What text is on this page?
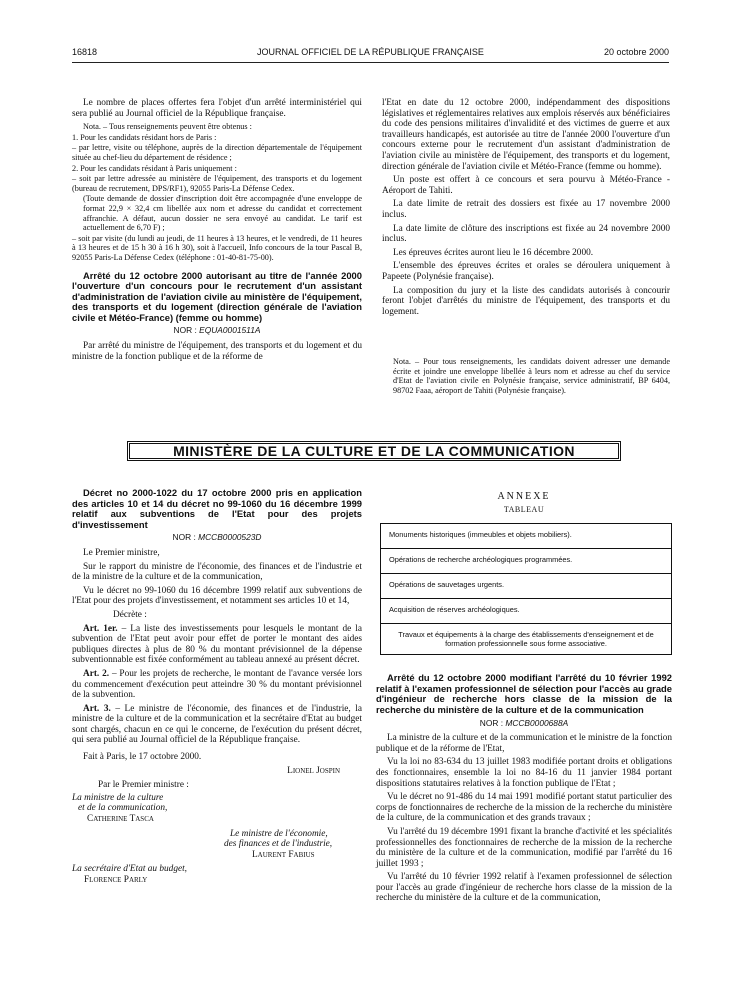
16818	JOURNAL OFFICIEL DE LA RÉPUBLIQUE FRANÇAISE	20 octobre 2000

Le nombre de places offertes fera l'objet d'un arrêté interministériel qui sera publié au Journal officiel de la République française.

Nota. – Tous renseignements peuvent être obtenus :

1. Pour les candidats résidant hors de Paris :

– par lettre, visite ou téléphone, auprès de la direction départementale de l'équipement située au chef-lieu du département de résidence ;

2. Pour les candidats résidant à Paris uniquement :

– soit par lettre adressée au ministère de l'équipement, des transports et du logement (bureau de recrutement, DPS/RF1), 92055 Paris-La Défense Cedex.

(Toute demande de dossier d'inscription doit être accompagnée d'une enveloppe de format 22,9 × 32,4 cm libellée aux nom et adresse du candidat et correctement affranchie. A défaut, aucun dossier ne sera envoyé au candidat. Le tarif est actuellement de 6,70 F) ;

– soit par visite (du lundi au jeudi, de 11 heures à 13 heures, et le vendredi, de 11 heures à 13 heures et de 15 h 30 à 16 h 30), soit à l'accueil, Info concours de la tour Pascal B, 92055 Paris-La Défense Cedex (téléphone : 01-40-81-75-00).

Arrêté du 12 octobre 2000 autorisant au titre de l'année 2000 l'ouverture d'un concours pour le recrutement d'un assistant d'administration de l'aviation civile au ministère de l'équipement, des transports et du logement (direction générale de l'aviation civile et Météo-France) (femme ou homme)

NOR : EQUA0001511A

Par arrêté du ministre de l'équipement, des transports et du logement et du ministre de la fonction publique et de la réforme de

l'Etat en date du 12 octobre 2000, indépendamment des dispositions législatives et réglementaires relatives aux emplois réservés aux bénéficiaires du code des pensions militaires d'invalidité et des victimes de guerre et aux travailleurs handicapés, est autorisée au titre de l'année 2000 l'ouverture d'un concours externe pour le recrutement d'un assistant d'administration de l'aviation civile au ministère de l'équipement, des transports et du logement, direction générale de l'aviation civile et Météo-France (femme ou homme).

Un poste est offert à ce concours et sera pourvu à Météo-France - Aéroport de Tahiti.

La date limite de retrait des dossiers est fixée au 17 novembre 2000 inclus.

La date limite de clôture des inscriptions est fixée au 24 novembre 2000 inclus.

Les épreuves écrites auront lieu le 16 décembre 2000.

L'ensemble des épreuves écrites et orales se déroulera uniquement à Papeete (Polynésie française).

La composition du jury et la liste des candidats autorisés à concourir feront l'objet d'arrêtés du ministre de l'équipement, des transports et du logement.

Nota. – Pour tous renseignements, les candidats doivent adresser une demande écrite et joindre une enveloppe libellée à leurs nom et adresse au chef du service d'Etat de l'aviation civile en Polynésie française, service administratif, BP 6404, 98702 Faaa, aéroport de Tahiti (Polynésie française).

MINISTÈRE DE LA CULTURE ET DE LA COMMUNICATION

Décret no 2000-1022 du 17 octobre 2000 pris en application des articles 10 et 14 du décret no 99-1060 du 16 décembre 1999 relatif aux subventions de l'Etat pour des projets d'investissement

NOR : MCCB0000523D

Le Premier ministre,

Sur le rapport du ministre de l'économie, des finances et de l'industrie et de la ministre de la culture et de la communication,

Vu le décret no 99-1060 du 16 décembre 1999 relatif aux subventions de l'Etat pour des projets d'investissement, et notamment ses articles 10 et 14,

Décrète :

Art. 1er. – La liste des investissements pour lesquels le montant de la subvention de l'Etat peut avoir pour effet de porter le montant des aides publiques directes à plus de 80 % du montant prévisionnel de la dépense subventionnable est fixée conformément au tableau annexé au présent décret.

Art. 2. – Pour les projets de recherche, le montant de l'avance versée lors du commencement d'exécution peut atteindre 30 % du montant prévisionnel de la subvention.

Art. 3. – Le ministre de l'économie, des finances et de l'industrie, la ministre de la culture et de la communication et la secrétaire d'Etat au budget sont chargés, chacun en ce qui le concerne, de l'exécution du présent décret, qui sera publié au Journal officiel de la République française.

Fait à Paris, le 17 octobre 2000.

Lionel Jospin

Par le Premier ministre :

La ministre de la culture

et de la communication,

Catherine Tasca

Le ministre de l'économie,

des finances et de l'industrie,

Laurent Fabius

La secrétaire d'Etat au budget,

Florence Parly

ANNEXE

TABLEAU

Monuments historiques (immeubles et objets mobiliers).
Opérations de recherche archéologiques programmées.
Opérations de sauvetages urgents.
Acquisition de réserves archéologiques.
Travaux et équipements à la charge des établissements d'enseignement et de formation professionnelle sous forme associative.

Arrêté du 12 octobre 2000 modifiant l'arrêté du 10 février 1992 relatif à l'examen professionnel de sélection pour l'accès au grade d'ingénieur de recherche hors classe de la mission de la recherche du ministère de la culture et de la communication

NOR : MCCB0000688A

La ministre de la culture et de la communication et le ministre de la fonction publique et de la réforme de l'Etat,

Vu la loi no 83-634 du 13 juillet 1983 modifiée portant droits et obligations des fonctionnaires, ensemble la loi no 84-16 du 11 janvier 1984 portant dispositions statutaires relatives à la fonction publique de l'Etat ;

Vu le décret no 91-486 du 14 mai 1991 modifié portant statut particulier des corps de fonctionnaires de recherche de la mission de la recherche du ministère de la culture, de la communication et des grands travaux ;

Vu l'arrêté du 19 décembre 1991 fixant la branche d'activité et les spécialités professionnelles des fonctionnaires de recherche de la mission de la recherche du ministère de la culture et de la communication, modifié par l'arrêté du 16 juillet 1993 ;

Vu l'arrêté du 10 février 1992 relatif à l'examen professionnel de sélection pour l'accès au grade d'ingénieur de recherche hors classe de la mission de la recherche du ministère de la culture et de la communication,
